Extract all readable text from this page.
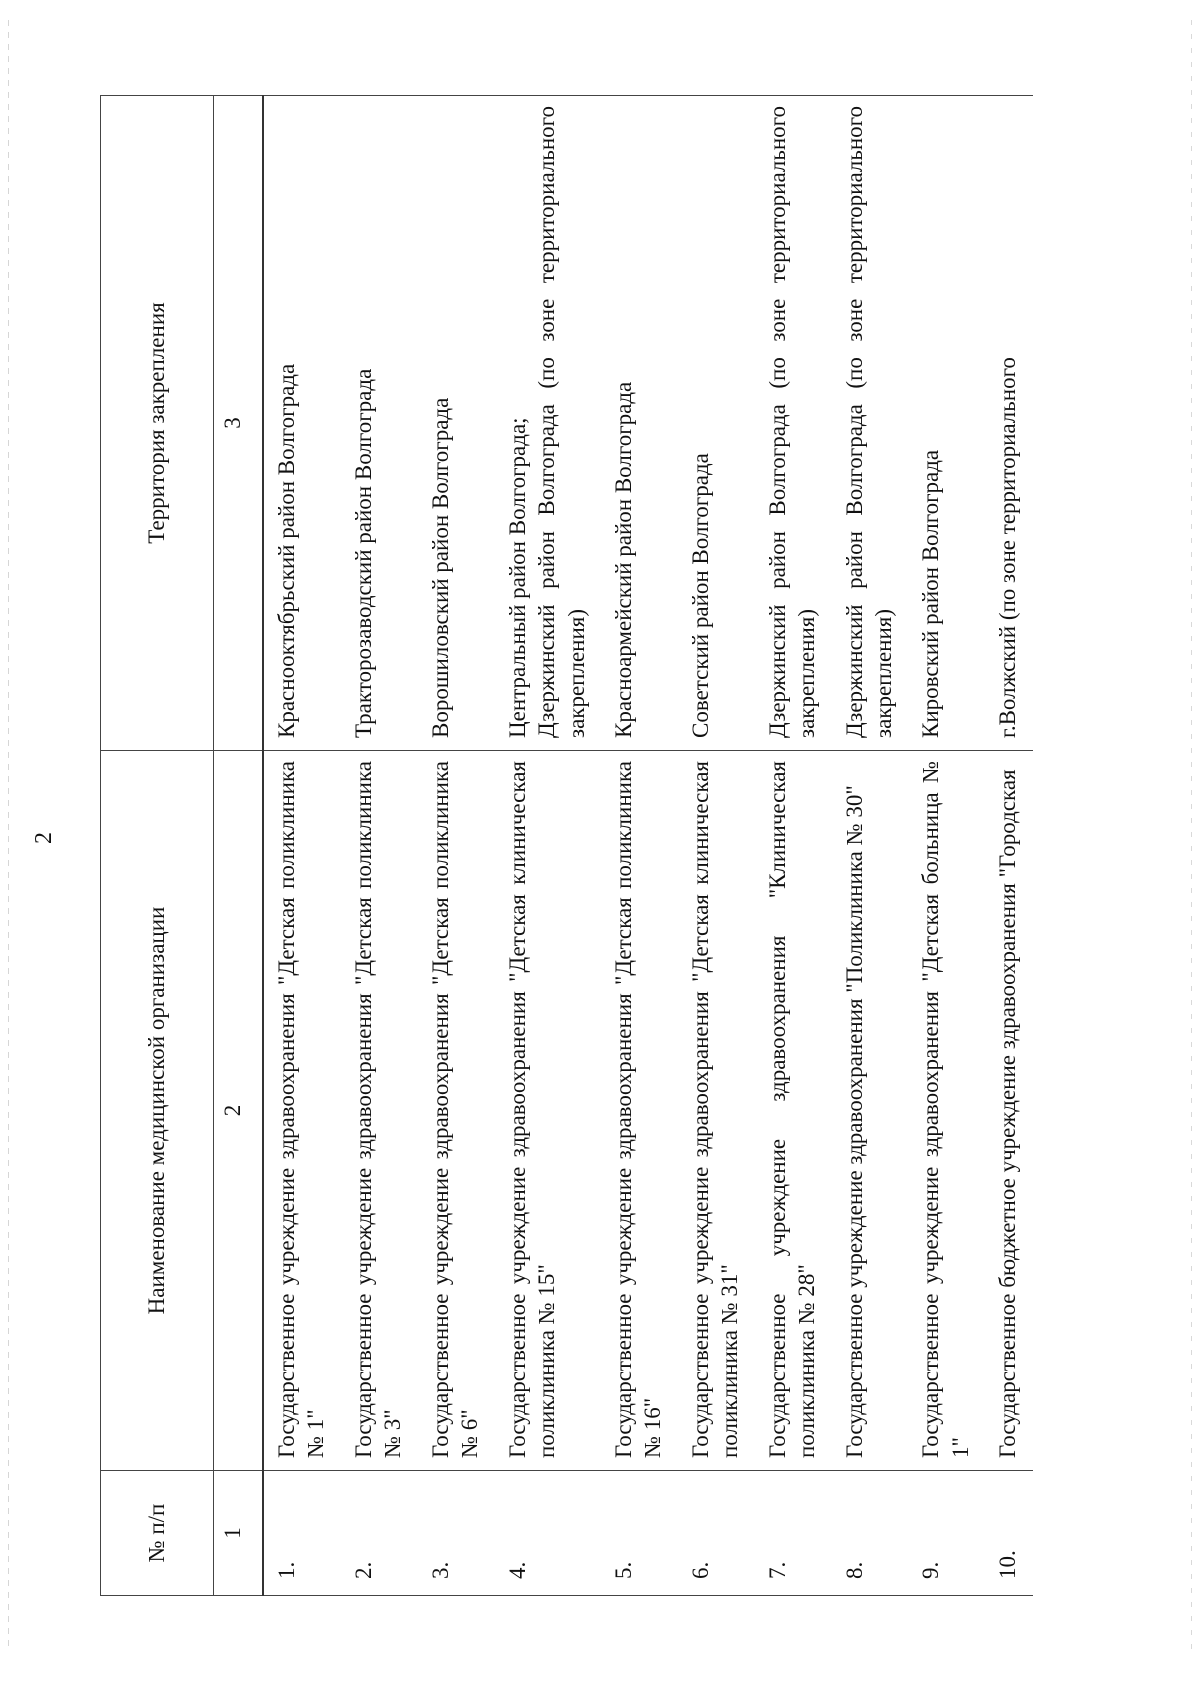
2
№ п/п	Наименование медицинской организации	Территория закрепления
1	2	3
1.	Государственное учреждение здравоохранения "Детская поликлиника № 1"	Краснооктябрьский район Волгограда

2.	Государственное учреждение здравоохранения "Детская поликлиника № 3"	Тракторозаводский район Волгограда

3.	Государственное учреждение здравоохранения "Детская поликлиника № 6"	Ворошиловский район Волгограда

4.	Государственное учреждение здравоохранения "Детская клиническая поликлиника № 15"	Центральный район Волгограда; Дзержинский район Волгограда (по зоне территориального закрепления)

5.	Государственное учреждение здравоохранения "Детская поликлиника № 16"	Красноармейский район Волгограда

6.	Государственное учреждение здравоохранения "Детская клиническая поликлиника № 31"	Советский район Волгограда

7.	Государственное учреждение здравоохранения "Клиническая поликлиника № 28"	Дзержинский район Волгограда (по зоне территориального закрепления)

8.	Государственное учреждение здравоохранения "Поликлиника № 30"	Дзержинский район Волгограда (по зоне территориального закрепления)

9.	Государственное учреждение здравоохранения "Детская больница № 1"	Кировский район Волгограда

10.	Государственное бюджетное учреждение здравоохранения "Городская	г.Волжский (по зоне территориального
